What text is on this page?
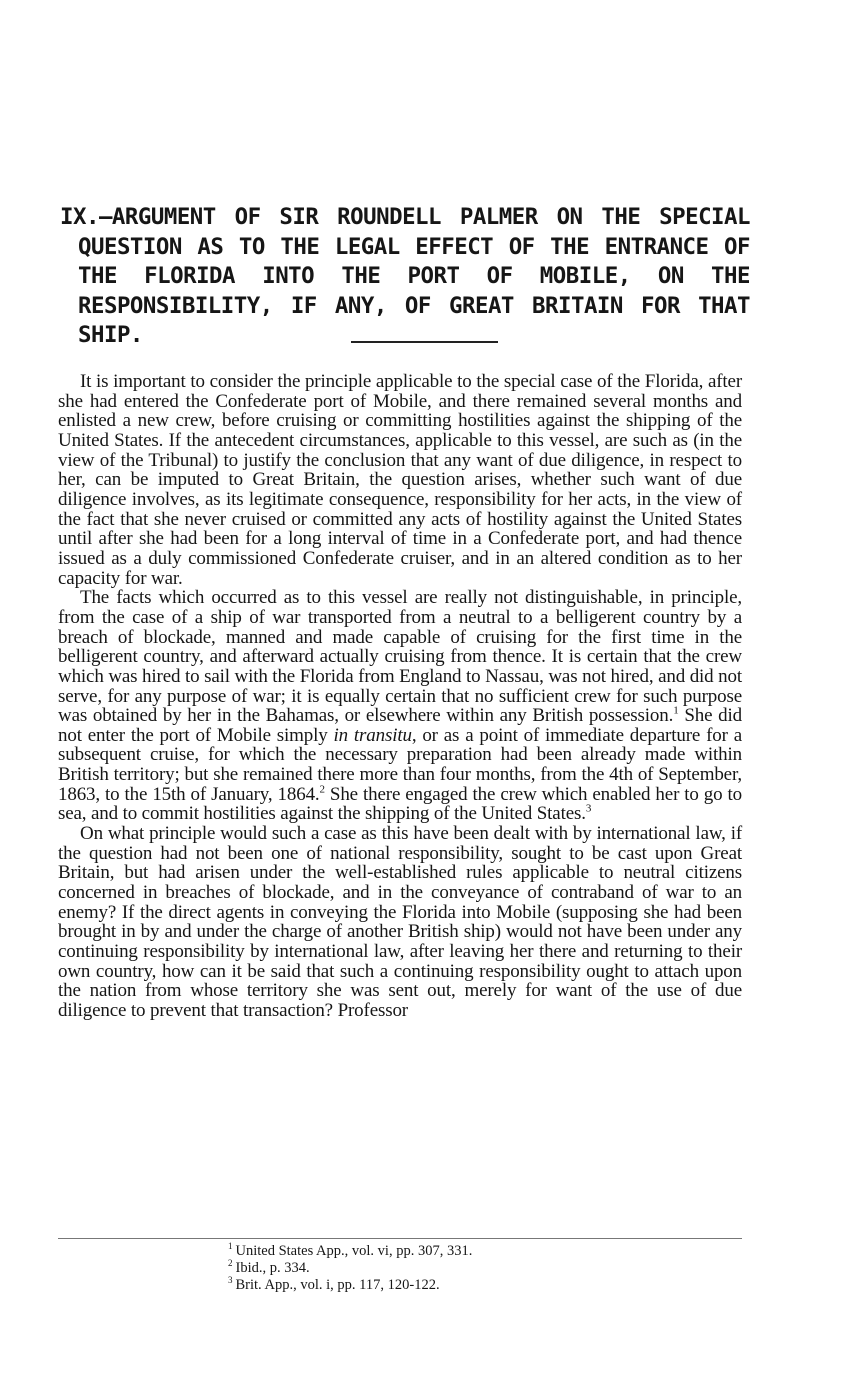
IX.—ARGUMENT OF SIR ROUNDELL PALMER ON THE SPECIAL QUESTION AS TO THE LEGAL EFFECT OF THE ENTRANCE OF THE FLORIDA INTO THE PORT OF MOBILE, ON THE RESPONSIBILITY, IF ANY, OF GREAT BRITAIN FOR THAT SHIP.

It is important to consider the principle applicable to the special case of the Florida, after she had entered the Confederate port of Mobile, and there remained several months and enlisted a new crew, before cruising or committing hostilities against the shipping of the United States. If the antecedent circumstances, applicable to this vessel, are such as (in the view of the Tribunal) to justify the conclusion that any want of due diligence, in respect to her, can be imputed to Great Britain, the question arises, whether such want of due diligence involves, as its legitimate consequence, responsibility for her acts, in the view of the fact that she never cruised or committed any acts of hostility against the United States until after she had been for a long interval of time in a Confederate port, and had thence issued as a duly commissioned Confederate cruiser, and in an altered condition as to her capacity for war.

The facts which occurred as to this vessel are really not distinguishable, in principle, from the case of a ship of war transported from a neutral to a belligerent country by a breach of blockade, manned and made capable of cruising for the first time in the belligerent country, and afterward actually cruising from thence. It is certain that the crew which was hired to sail with the Florida from England to Nassau, was not hired, and did not serve, for any purpose of war; it is equally certain that no sufficient crew for such purpose was obtained by her in the Bahamas, or elsewhere within any British possession.$^1$ She did not enter the port of Mobile simply in transitu, or as a point of immediate departure for a subsequent cruise, for which the necessary preparation had been already made within British territory; but she remained there more than four months, from the 4th of September, 1863, to the 15th of January, 1864.$^2$ She there engaged the crew which enabled her to go to sea, and to commit hostilities against the shipping of the United States.$^3$

On what principle would such a case as this have been dealt with by international law, if the question had not been one of national responsibility, sought to be cast upon Great Britain, but had arisen under the well-established rules applicable to neutral citizens concerned in breaches of blockade, and in the conveyance of contraband of war to an enemy? If the direct agents in conveying the Florida into Mobile (supposing she had been brought in by and under the charge of another British ship) would not have been under any continuing responsibility by international law, after leaving her there and returning to their own country, how can it be said that such a continuing responsibility ought to attach upon the nation from whose territory she was sent out, merely for want of the use of due diligence to prevent that transaction? Professor

$^1$ United States App., vol. vi, pp. 307, 331.

$^2$ Ibid., p. 334.

$^3$ Brit. App., vol. i, pp. 117, 120-122.
